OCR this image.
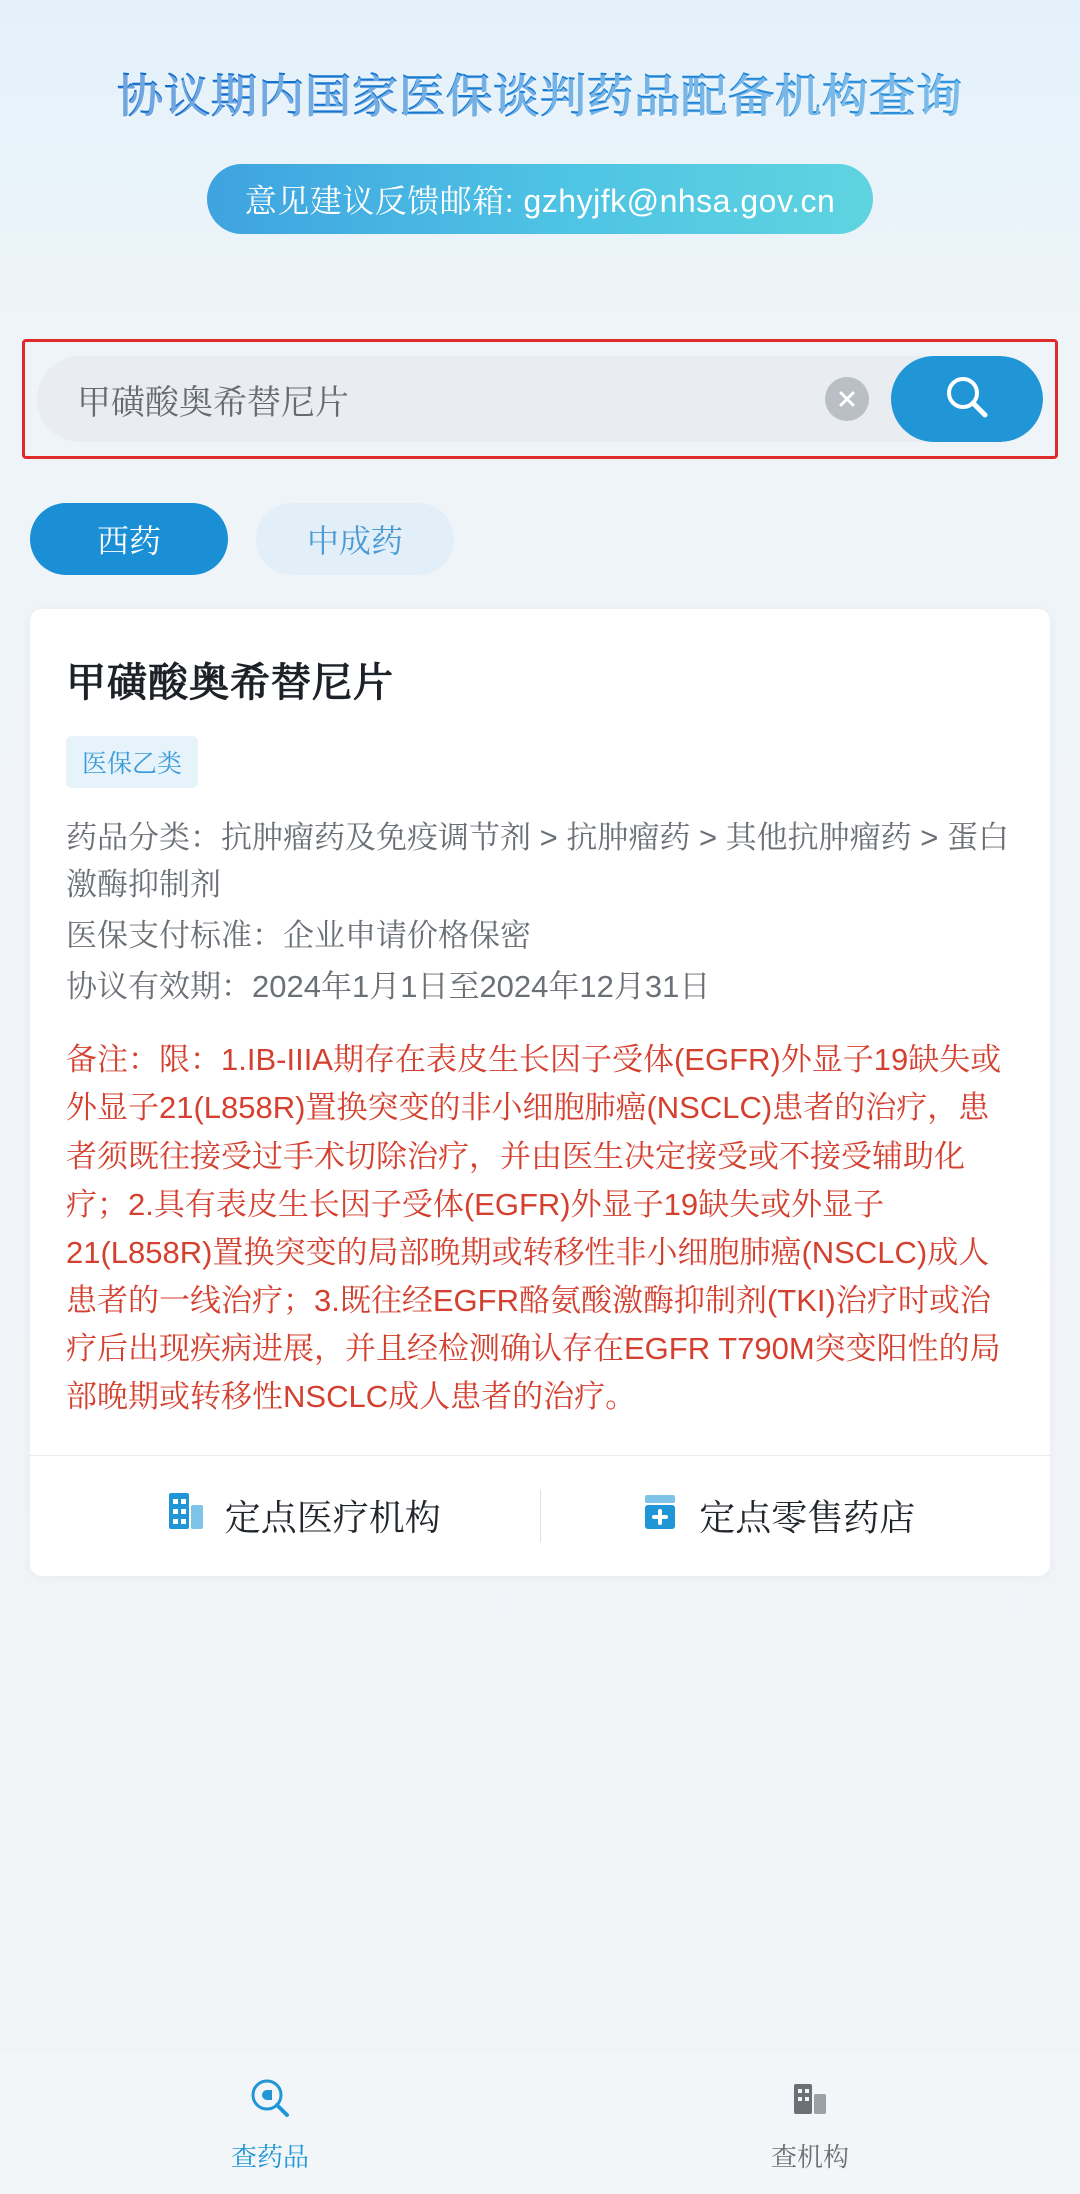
协议期内国家医保谈判药品配备机构查询
意见建议反馈邮箱: gzhyjfk@nhsa.gov.cn
甲磺酸奥希替尼片
西药	中成药
甲磺酸奥希替尼片
医保乙类
药品分类：抗肿瘤药及免疫调节剂 > 抗肿瘤药 > 其他抗肿瘤药 > 蛋白激酶抑制剂
医保支付标准：企业申请价格保密
协议有效期：2024年1月1日至2024年12月31日
备注：限：1.IB-IIIA期存在表皮生长因子受体(EGFR)外显子19缺失或外显子21(L858R)置换突变的非小细胞肺癌(NSCLC)患者的治疗，患者须既往接受过手术切除治疗，并由医生决定接受或不接受辅助化疗；2.具有表皮生长因子受体(EGFR)外显子19缺失或外显子21(L858R)置换突变的局部晚期或转移性非小细胞肺癌(NSCLC)成人患者的一线治疗；3.既往经EGFR酪氨酸激酶抑制剂(TKI)治疗时或治疗后出现疾病进展，并且经检测确认存在EGFR T790M突变阳性的局部晚期或转移性NSCLC成人患者的治疗。
定点医疗机构	定点零售药店
查药品	查机构
